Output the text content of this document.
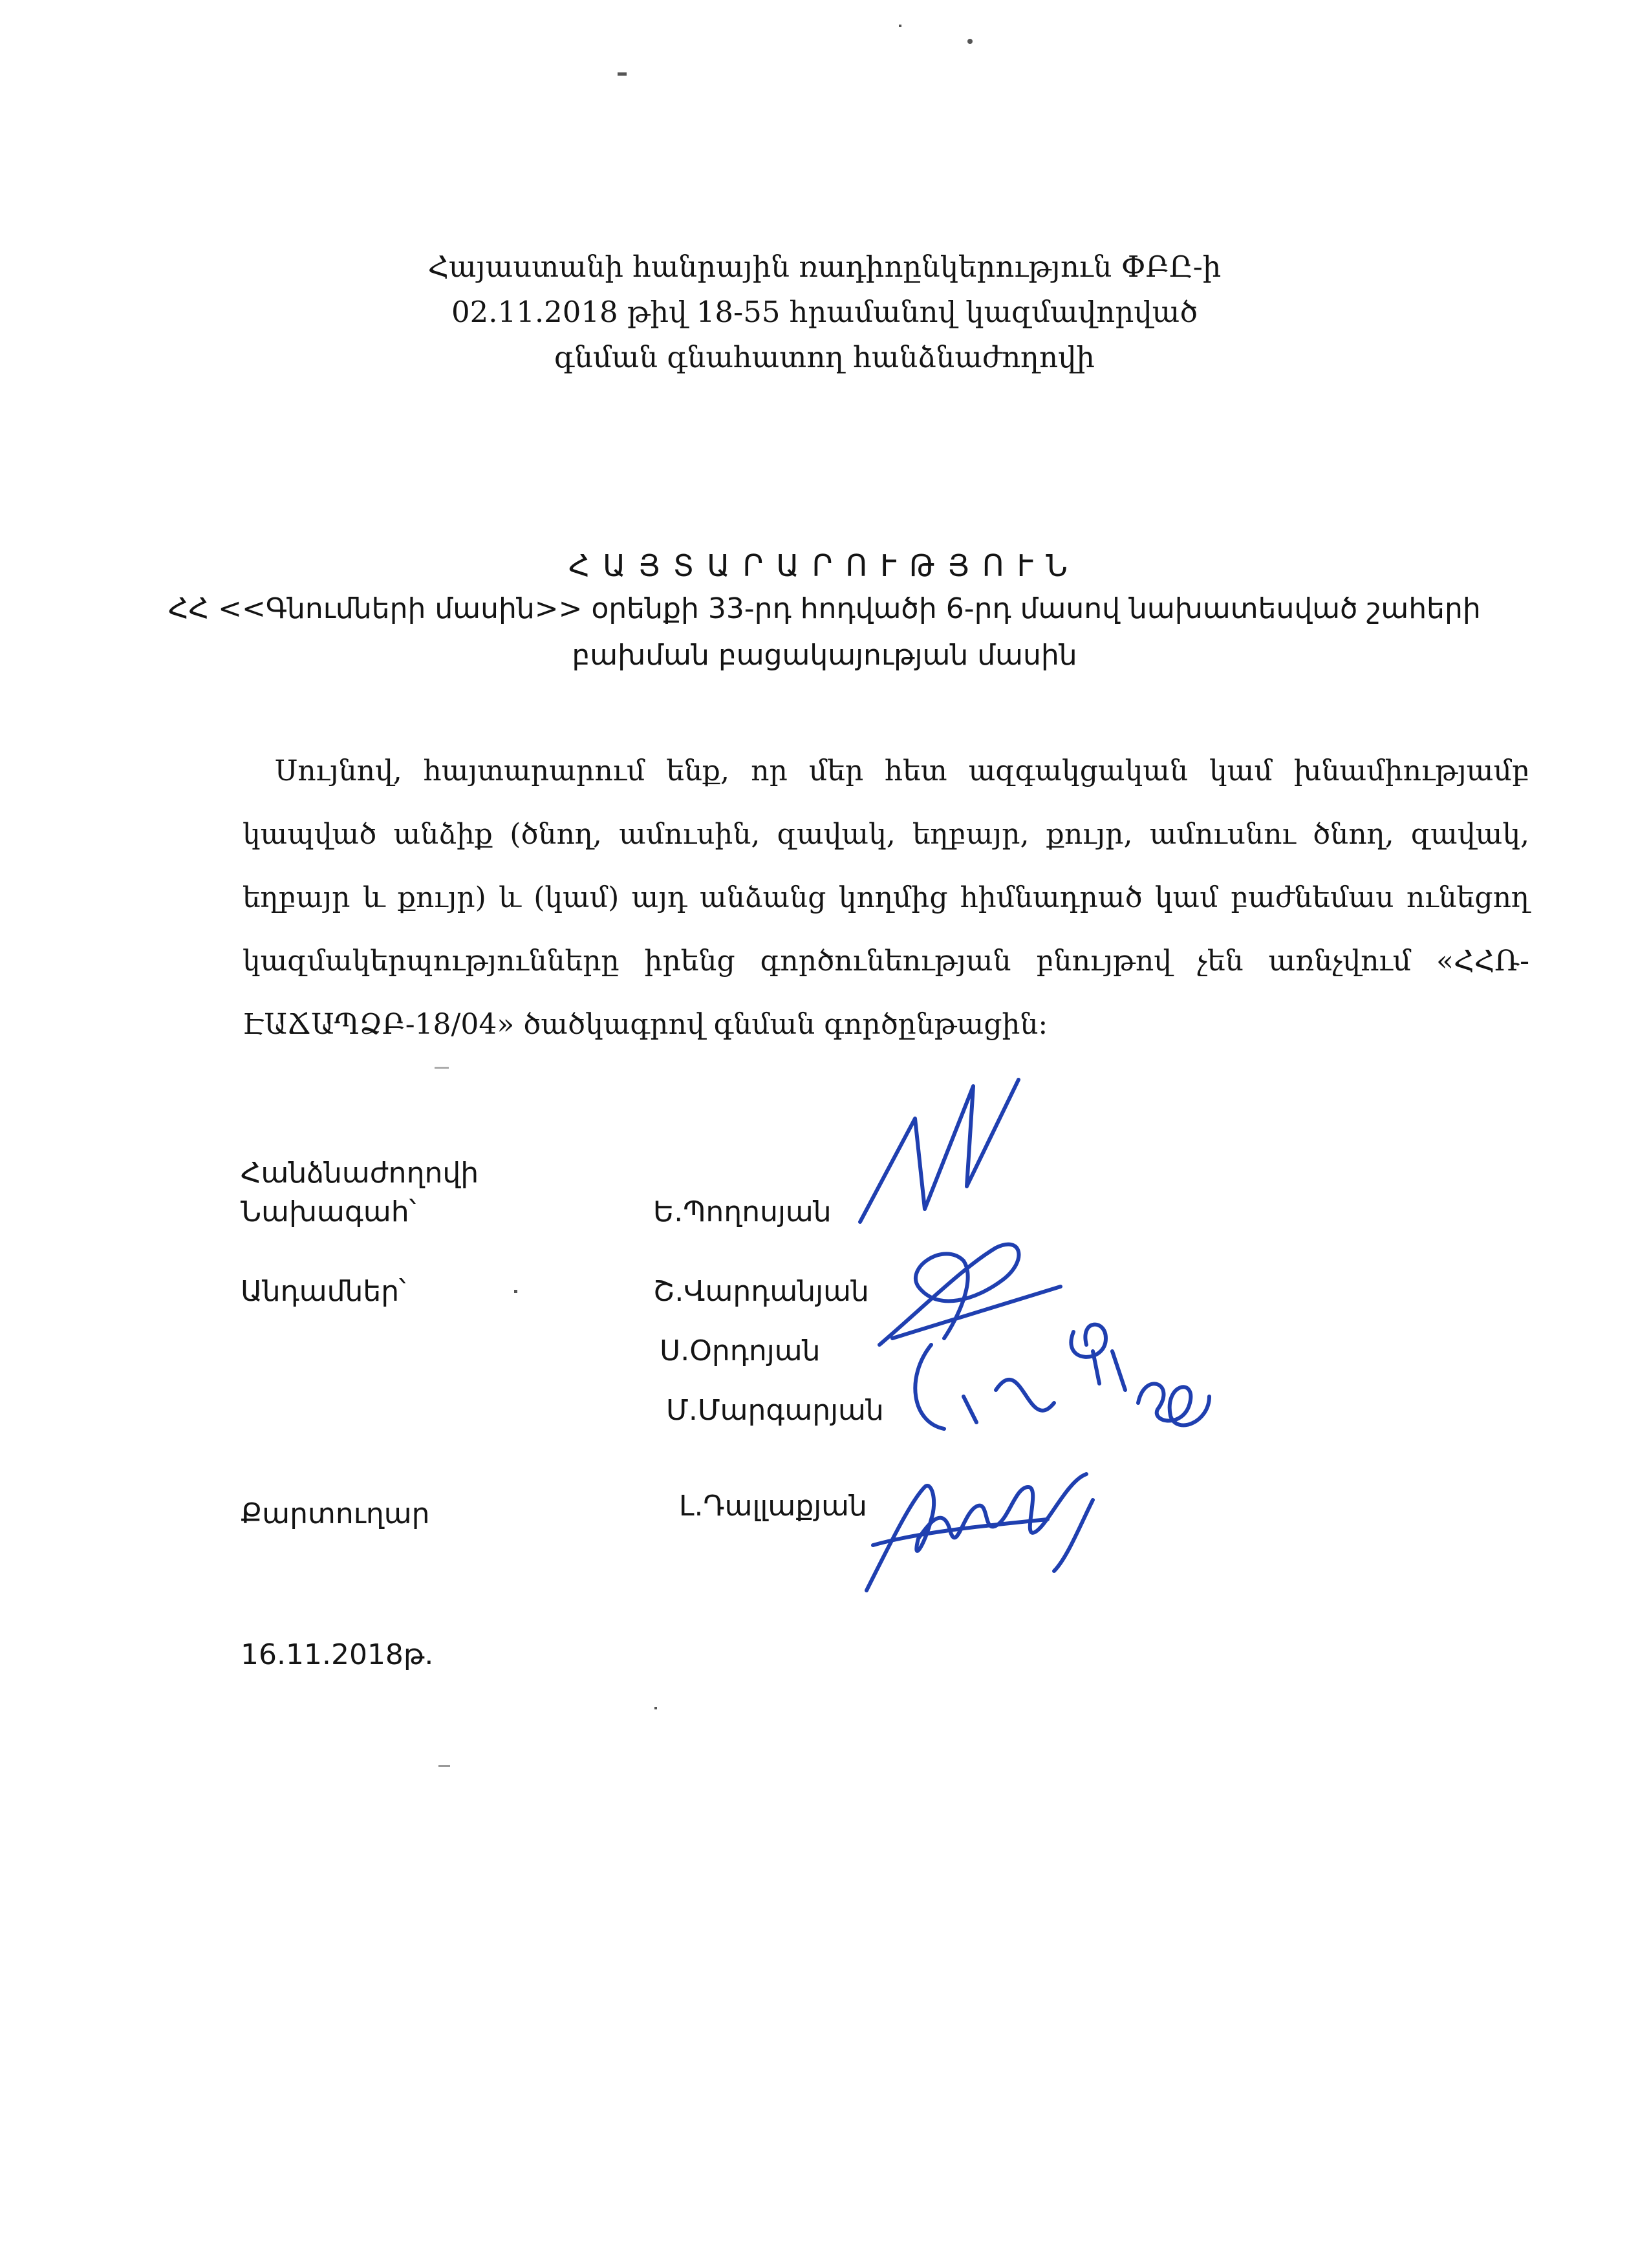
Հայաստանի հանրային ռադիոընկերություն ՓԲԸ-ի
02.11.2018 թիվ 18-55 հրամանով կազմավորված
գնման գնահատող հանձնաժողովի
ՀԱՅՏԱՐԱՐՈՒԹՅՈՒՆ
ՀՀ <<Գնումների մասին>> օրենքի 33-րդ հոդվածի 6-րդ մասով նախատեսված շահերի
բախման բացակայության մասին
Սույնով, հայտարարում ենք, որ մեր հետ ազգակցական կամ խնամիությամբ
կապված անձիք (ծնող, ամուսին, զավակ, եղբայր, քույր, ամուսնու ծնող, զավակ,
եղբայր և քույր) և (կամ) այդ անձանց կողմից հիմնադրած կամ բաժնեմաս ունեցող
կազմակերպությունները իրենց գործունեության բնույթով չեն առնչվում «ՀՀՌ-
ԷԱՃԱՊՁԲ-18/04» ծածկագրով գնման գործընթացին:
Հանձնաժողովի
Նախագահ՝	Ե.Պողոսյան
Անդամներ՝	Շ.Վարդանյան
Ս.Օրդոյան
Մ.Մարգարյան
Քարտուղար	Լ.Դալլաքյան
16.11.2018թ.
